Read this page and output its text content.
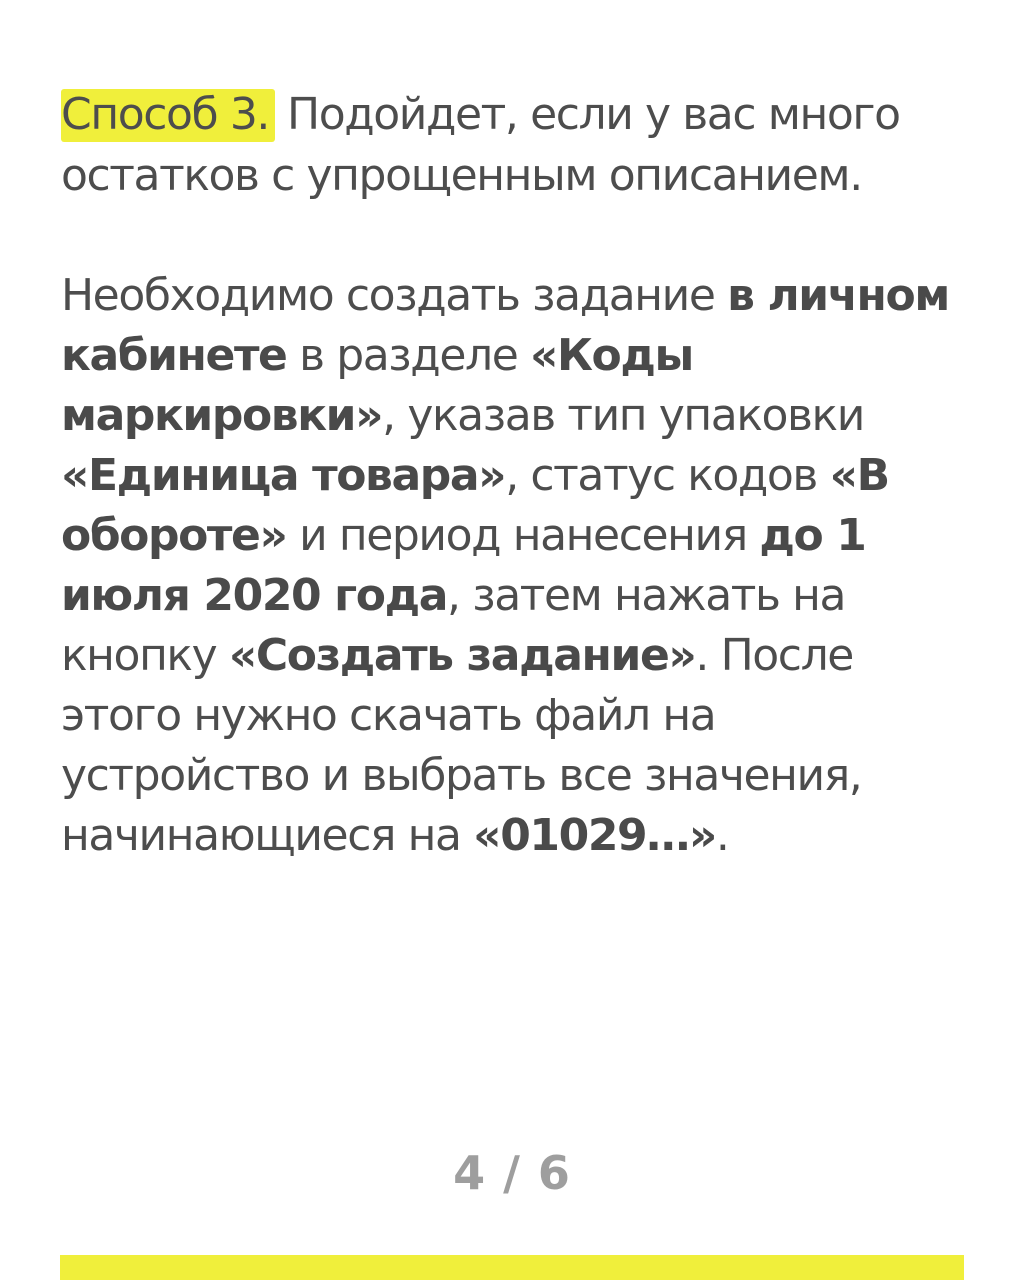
Способ 3. Подойдет, если у вас много остатков с упрощенным описанием.

Необходимо создать задание в личном кабинете в разделе «Коды маркировки», указав тип упаковки «Единица товара», статус кодов «В обороте» и период нанесения до 1 июля 2020 года, затем нажать на кнопку «Создать задание». После этого нужно скачать файл на устройство и выбрать все значения, начинающиеся на «01029…».

4 / 6
